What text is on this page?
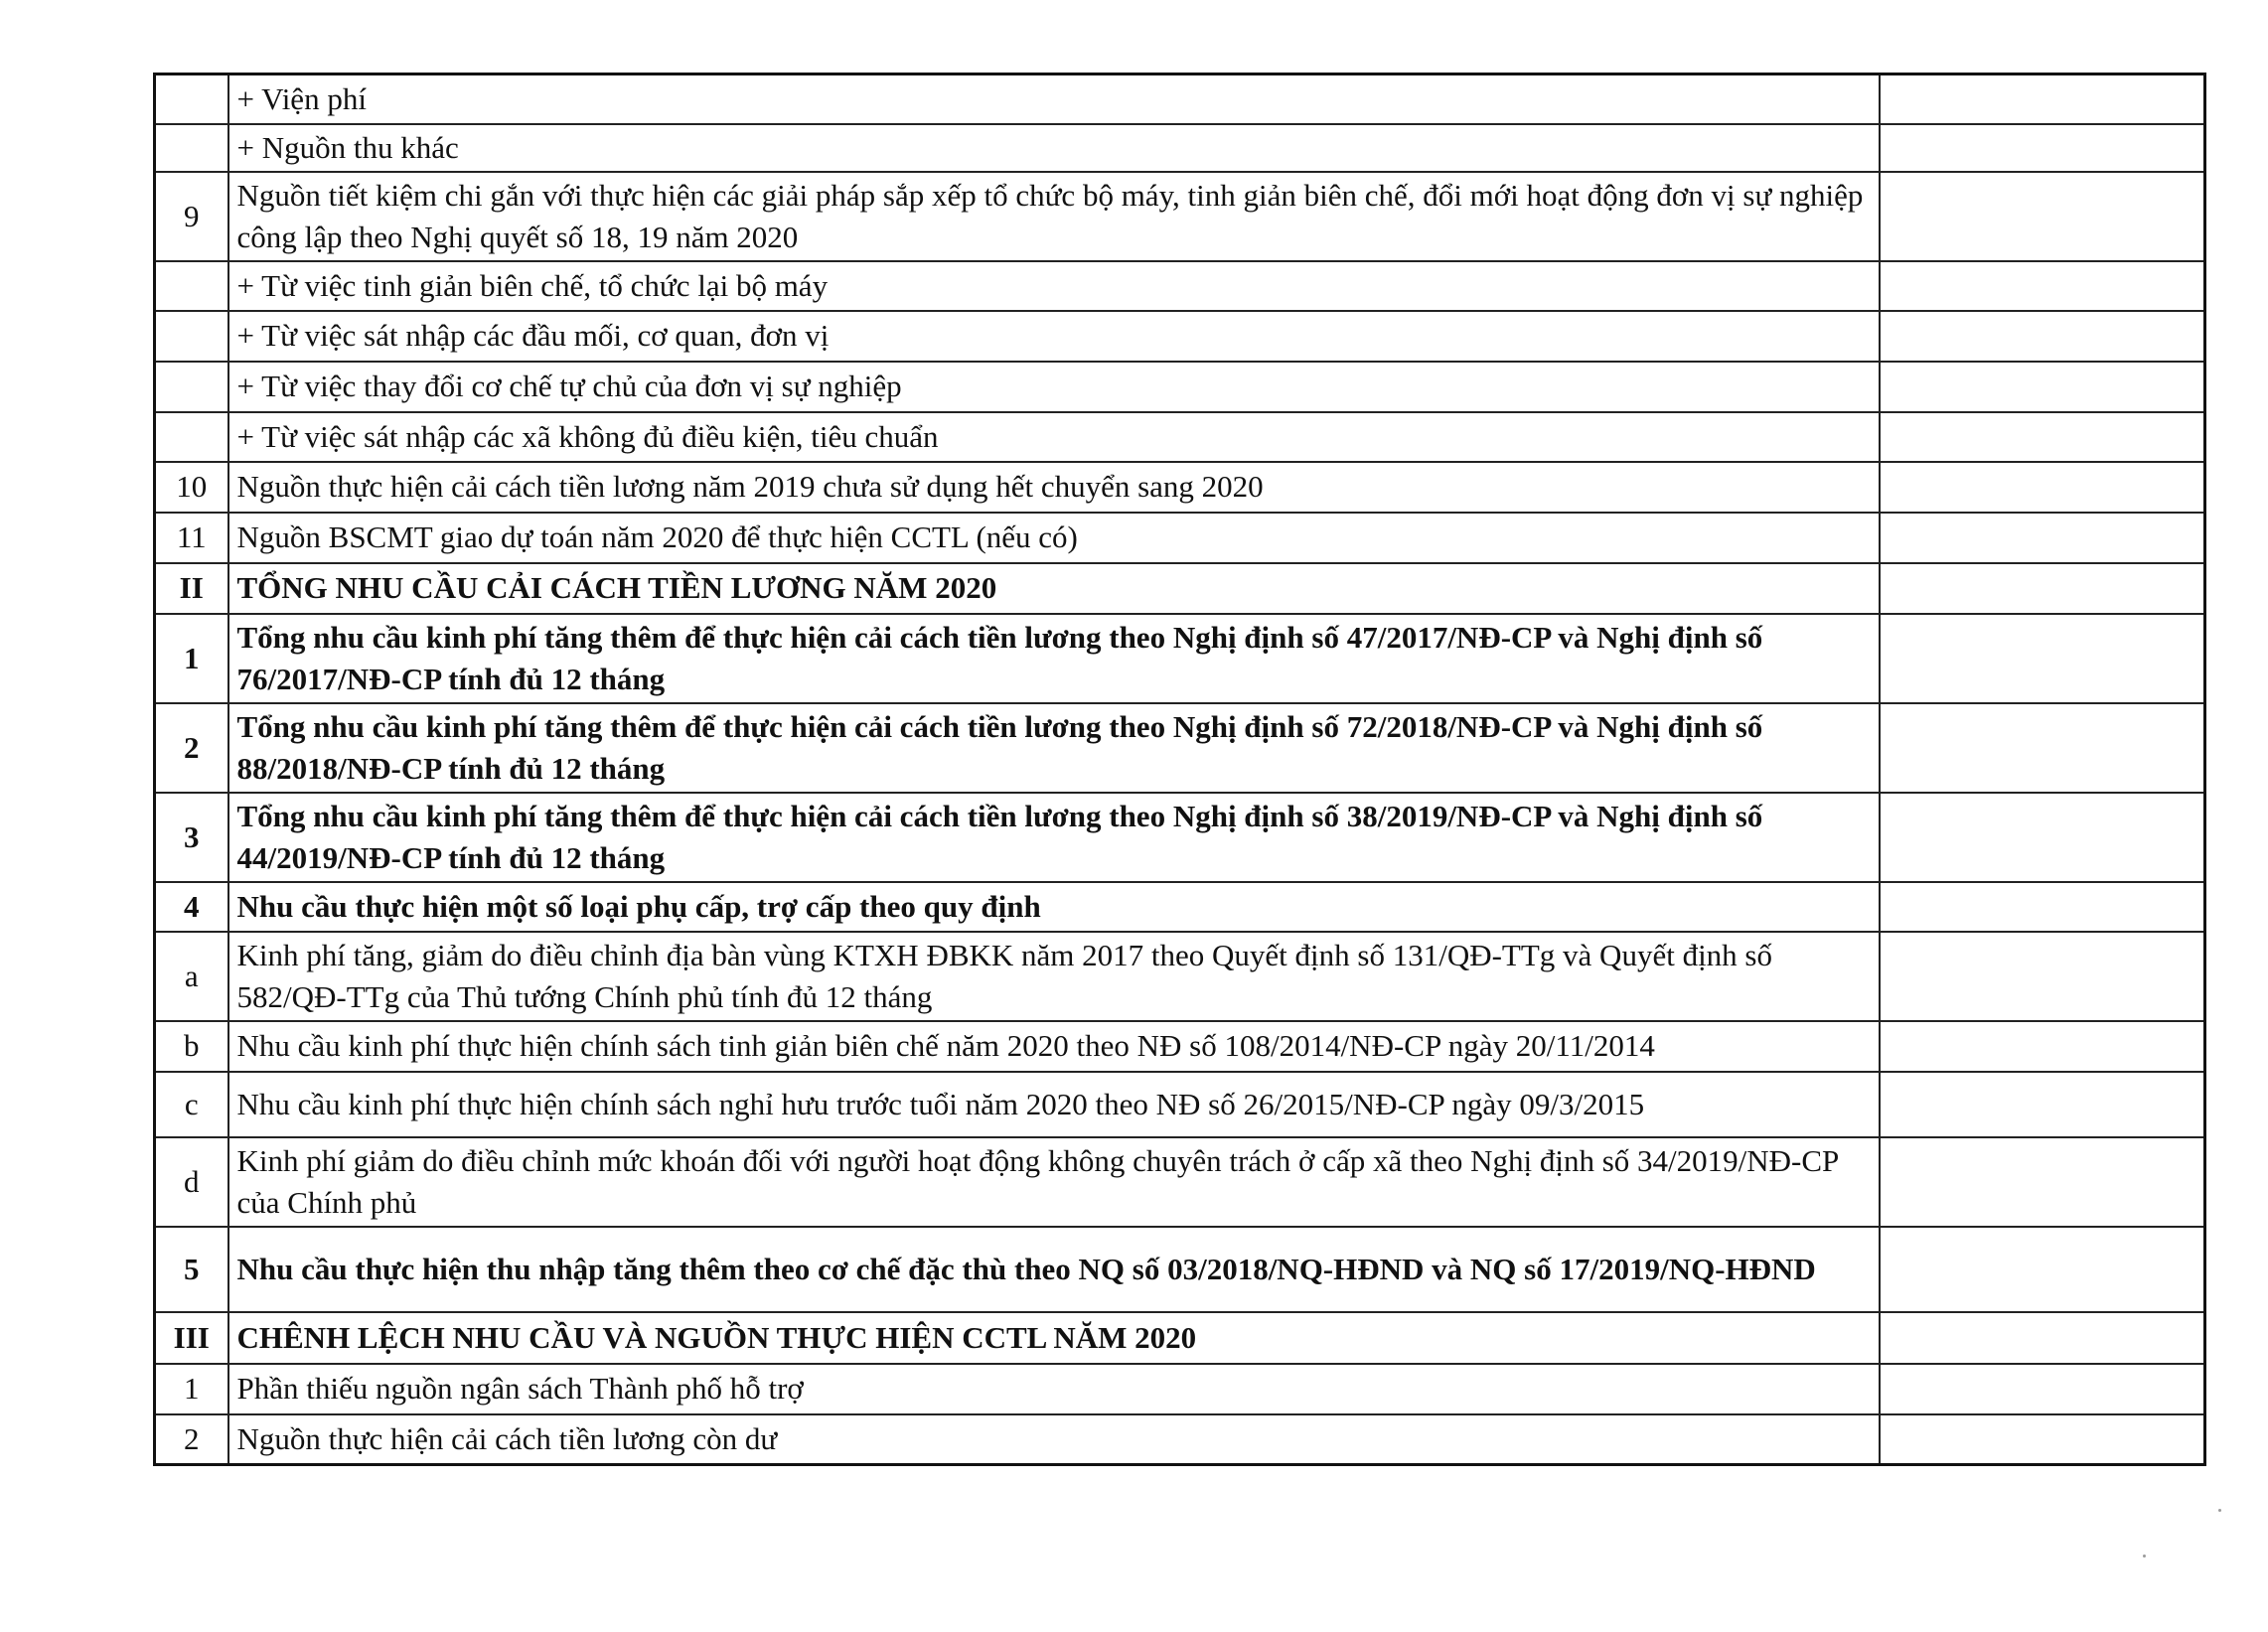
	+ Viện phí	
	+ Nguồn thu khác	
9	Nguồn tiết kiệm chi gắn với thực hiện các giải pháp sắp xếp tổ chức bộ máy, tinh giản biên chế, đổi mới hoạt động đơn vị sự nghiệp công lập theo Nghị quyết số 18, 19 năm 2020	
	+ Từ việc tinh giản biên chế, tổ chức lại bộ máy	
	+ Từ việc sát nhập các đầu mối, cơ quan, đơn vị	
	+ Từ việc thay đổi cơ chế tự chủ của đơn vị sự nghiệp	
	+ Từ việc sát nhập các xã không đủ điều kiện, tiêu chuẩn	
10	Nguồn thực hiện cải cách tiền lương năm 2019 chưa sử dụng hết chuyển sang 2020	
11	Nguồn BSCMT giao dự toán năm 2020 để thực hiện CCTL (nếu có)	
II	TỔNG NHU CẦU CẢI CÁCH TIỀN LƯƠNG NĂM 2020	
1	Tổng nhu cầu kinh phí tăng thêm để thực hiện cải cách tiền lương theo Nghị định số 47/2017/NĐ-CP và Nghị định số 76/2017/NĐ-CP tính đủ 12 tháng	
2	Tổng nhu cầu kinh phí tăng thêm để thực hiện cải cách tiền lương theo Nghị định số 72/2018/NĐ-CP và Nghị định số 88/2018/NĐ-CP tính đủ 12 tháng	
3	Tổng nhu cầu kinh phí tăng thêm để thực hiện cải cách tiền lương theo Nghị định số 38/2019/NĐ-CP và Nghị định số 44/2019/NĐ-CP tính đủ 12 tháng	
4	Nhu cầu thực hiện một số loại phụ cấp, trợ cấp theo quy định	
a	Kinh phí tăng, giảm do điều chỉnh địa bàn vùng KTXH ĐBKK năm 2017 theo Quyết định số 131/QĐ-TTg và Quyết định số 582/QĐ-TTg của Thủ tướng Chính phủ tính đủ 12 tháng	
b	Nhu cầu kinh phí thực hiện chính sách tinh giản biên chế năm 2020 theo NĐ số 108/2014/NĐ-CP ngày 20/11/2014	
c	Nhu cầu kinh phí thực hiện chính sách nghỉ hưu trước tuổi năm 2020 theo NĐ số 26/2015/NĐ-CP ngày 09/3/2015	
d	Kinh phí giảm do điều chỉnh mức khoán đối với người hoạt động không chuyên trách ở cấp xã theo Nghị định số 34/2019/NĐ-CP của Chính phủ	
5	Nhu cầu thực hiện thu nhập tăng thêm theo cơ chế đặc thù theo NQ số 03/2018/NQ-HĐND và NQ số 17/2019/NQ-HĐND	
III	CHÊNH LỆCH NHU CẦU VÀ NGUỒN THỰC HIỆN CCTL NĂM 2020	
1	Phần thiếu nguồn ngân sách Thành phố hỗ trợ	
2	Nguồn thực hiện cải cách tiền lương còn dư	
